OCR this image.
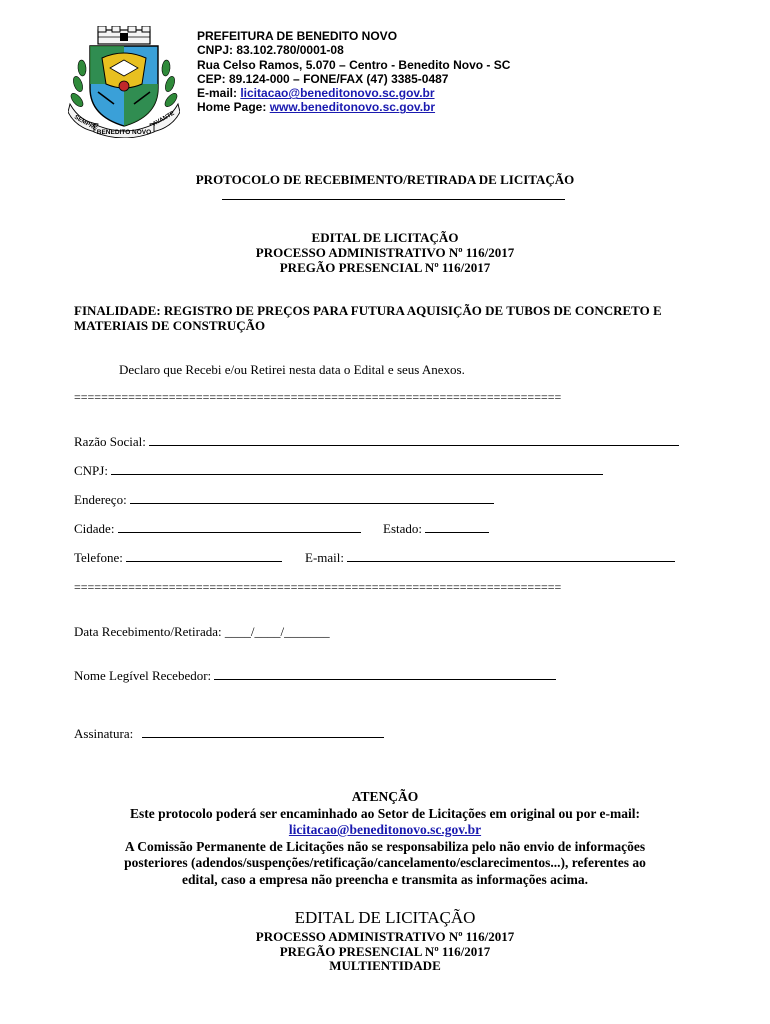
SEMPRE	AVANTE
BENEDITO NOVO
PREFEITURA DE BENEDITO NOVO
CNPJ: 83.102.780/0001-08
Rua Celso Ramos, 5.070 – Centro - Benedito Novo - SC
CEP: 89.124-000 – FONE/FAX (47) 3385-0487
E-mail: licitacao@beneditonovo.sc.gov.br
Home Page: www.beneditonovo.sc.gov.br
PROTOCOLO DE RECEBIMENTO/RETIRADA DE LICITAÇÃO
EDITAL DE LICITAÇÃO
PROCESSO ADMINISTRATIVO Nº 116/2017
PREGÃO PRESENCIAL Nº 116/2017
FINALIDADE: REGISTRO DE PREÇOS PARA FUTURA AQUISIÇÃO DE TUBOS DE CONCRETO E MATERIAIS DE CONSTRUÇÃO
Declaro que Recebi e/ou Retirei nesta data o Edital e seus Anexos.
========================================================================
Razão Social:
CNPJ:
Endereço:
Cidade:	Estado:
Telefone:	E-mail:
========================================================================
Data Recebimento/Retirada: ____/____/_______
Nome Legível Recebedor:
Assinatura:
ATENÇÃO
Este protocolo poderá ser encaminhado ao Setor de Licitações em original ou por e-mail:
licitacao@beneditonovo.sc.gov.br
A Comissão Permanente de Licitações não se responsabiliza pelo não envio de informações
posteriores (adendos/suspenções/retificação/cancelamento/esclarecimentos...), referentes ao
edital, caso a empresa não preencha e transmita as informações acima.
EDITAL DE LICITAÇÃO
PROCESSO ADMINISTRATIVO Nº 116/2017
PREGÃO PRESENCIAL Nº 116/2017
MULTIENTIDADE
